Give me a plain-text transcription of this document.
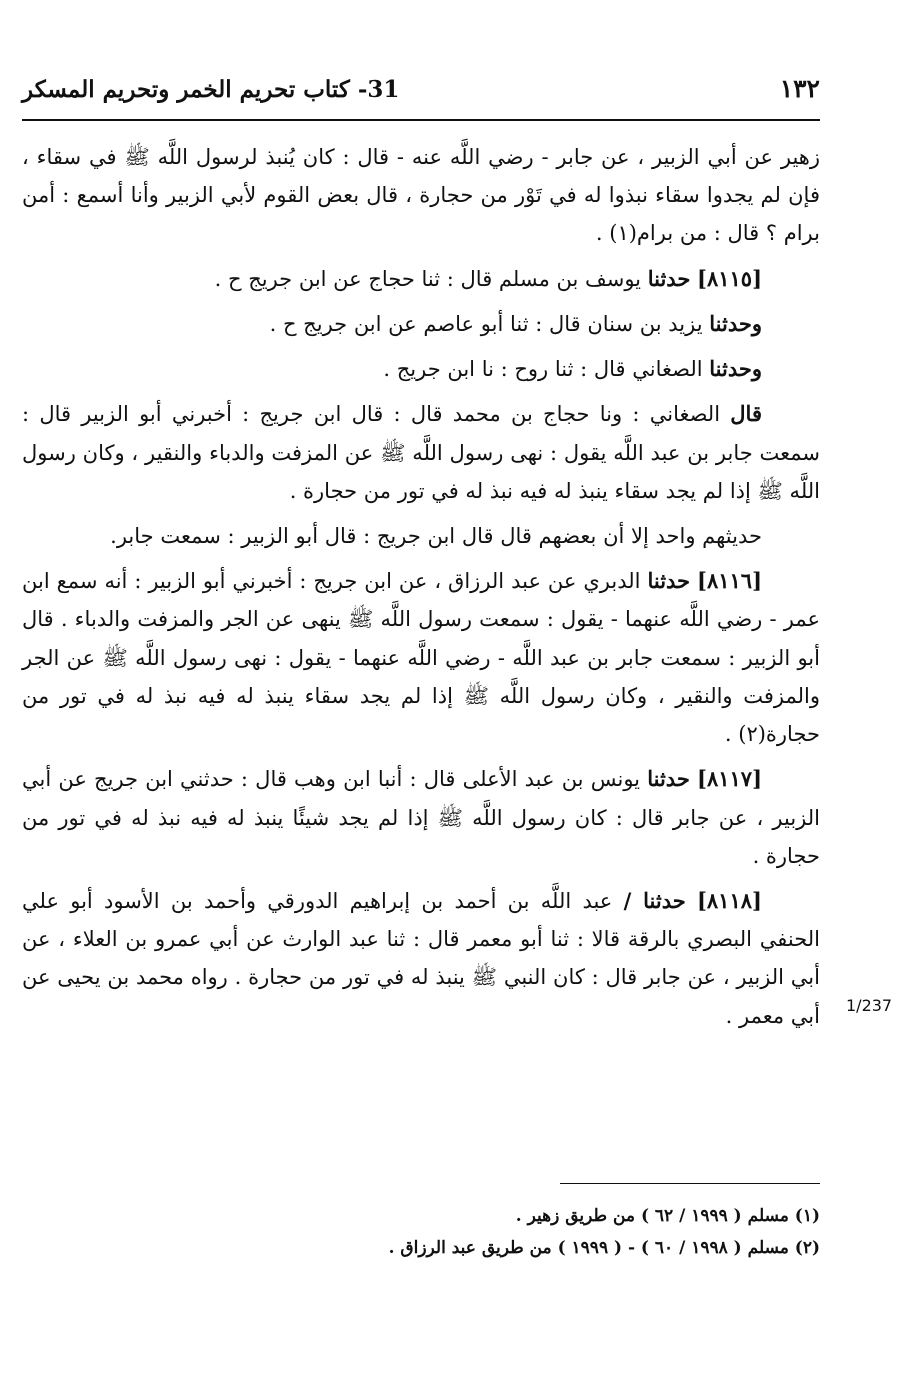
١٣٢
31- كتاب تحريم الخمر وتحريم المسكر

زهير عن أبي الزبير ، عن جابر - رضي اللَّه عنه - قال : كان يُنبذ لرسول اللَّه ﷺ في سقاء ، فإن لم يجدوا سقاء نبذوا له في تَوْر من حجارة ، قال بعض القوم لأبي الزبير وأنا أسمع : أمن برام ؟ قال : من برام(١) .

[٨١١٥] حدثنا يوسف بن مسلم قال : ثنا حجاج عن ابن جريج ح .

وحدثنا يزيد بن سنان قال : ثنا أبو عاصم عن ابن جريج ح .

وحدثنا الصغاني قال : ثنا روح : نا ابن جريج .

قال الصغاني : ونا حجاج بن محمد قال : قال ابن جريج : أخبرني أبو الزبير قال : سمعت جابر بن عبد اللَّه يقول : نهى رسول اللَّه ﷺ عن المزفت والدباء والنقير ، وكان رسول اللَّه ﷺ إذا لم يجد سقاء ينبذ له فيه نبذ له في تور من حجارة .

حديثهم واحد إلا أن بعضهم قال قال ابن جريج : قال أبو الزبير : سمعت جابر.

[٨١١٦] حدثنا الدبري عن عبد الرزاق ، عن ابن جريج : أخبرني أبو الزبير : أنه سمع ابن عمر - رضي اللَّه عنهما - يقول : سمعت رسول اللَّه ﷺ ينهى عن الجر والمزفت والدباء . قال أبو الزبير : سمعت جابر بن عبد اللَّه - رضي اللَّه عنهما - يقول : نهى رسول اللَّه ﷺ عن الجر والمزفت والنقير ، وكان رسول اللَّه ﷺ إذا لم يجد سقاء ينبذ له فيه نبذ له في تور من حجارة(٢) .

[٨١١٧] حدثنا يونس بن عبد الأعلى قال : أنبا ابن وهب قال : حدثني ابن جريج عن أبي الزبير ، عن جابر قال : كان رسول اللَّه ﷺ إذا لم يجد شيئًا ينبذ له فيه نبذ له في تور من حجارة .

[٨١١٨] حدثنا / عبد اللَّه بن أحمد بن إبراهيم الدورقي وأحمد بن الأسود أبو علي الحنفي البصري بالرقة قالا : ثنا أبو معمر قال : ثنا عبد الوارث عن أبي عمرو بن العلاء ، عن أبي الزبير ، عن جابر قال : كان النبي ﷺ ينبذ له في تور من حجارة . رواه محمد بن يحيى عن أبي معمر . 1/237

(١) مسلم ( ١٩٩٩ / ٦٢ ) من طريق زهير .

(٢) مسلم ( ١٩٩٨ / ٦٠ ) - ( ١٩٩٩ ) من طريق عبد الرزاق .
